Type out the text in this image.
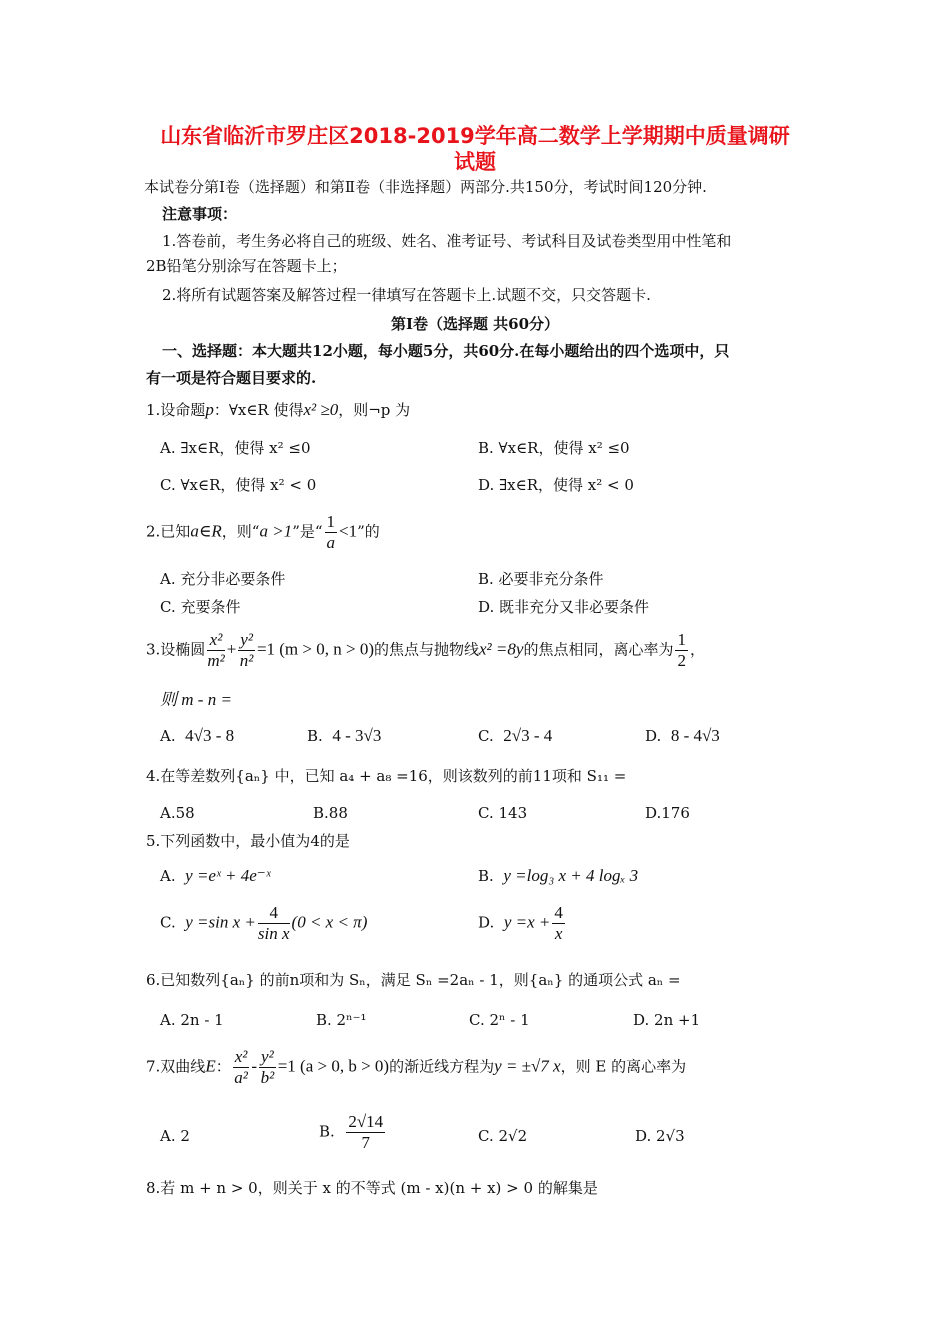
山东省临沂市罗庄区2018-2019学年高二数学上学期期中质量调研
试题
本试卷分第Ⅰ卷（选择题）和第Ⅱ卷（非选择题）两部分.共150分，考试时间120分钟.
注意事项：
1.答卷前，考生务必将自己的班级、姓名、准考证号、考试科目及试卷类型用中性笔和
2B铅笔分别涂写在答题卡上；
2.将所有试题答案及解答过程一律填写在答题卡上.试题不交，只交答题卡.
第Ⅰ卷（选择题 共60分）
一、选择题：本大题共12小题，每小题5分，共60分.在每小题给出的四个选项中，只
有一项是符合题目要求的.
1.设命题p：∀x∈R 使得x² ≥0，则¬p 为
A. ∃x∈R，使得 x² ≤0	B. ∀x∈R，使得 x² ≤0
C. ∀x∈R，使得 x² < 0	D. ∃x∈R，使得 x² < 0
2.已知a∈R，则“a >1”是“ $\frac{1}{a} <1$”的
A. 充分非必要条件	B. 必要非充分条件
C. 充要条件	D. 既非充分又非必要条件
3.设椭圆 $\frac{\text{x²}}{\text{m²}} + \frac{\text{y²}}{\text{n²}} =1$ (m > 0, n > 0)的焦点与抛物线x² =8y的焦点相同，离心率为 $\frac{1}{2}$ ，
则 m - n =
A. 4√3 - 8	B. 4 - 3√3	C. 2√3 - 4	D. 8 - 4√3
4.在等差数列{aₙ} 中，已知 a₄ + a₈ =16，则该数列的前11项和 S₁₁ =
A.58	B.88	C. 143	D.176
5.下列函数中，最小值为4的是
A. y =eˣ + 4e⁻ˣ	B. y =log₃ x + 4 logₓ 3
C. y =sin $x + \frac{4}{\text{sin x}} (0 < x < \pi)$	D. $y =x + \frac{4}{x}$
6.已知数列{aₙ} 的前n项和为 Sₙ，满足 Sₙ =2aₙ - 1，则{aₙ} 的通项公式 aₙ =
A. 2n - 1	B. 2ⁿ⁻¹	C. 2ⁿ - 1	D. 2n +1
7.双曲线E： $\frac{\text{x²}}{\text{a²}} - \frac{\text{y²}}{\text{b²}} =1$ (a > 0, b > 0)的渐近线方程为y = ±√7 x，则 E 的离心率为
A. 2	B. $\frac{2√14}{7}$	C. 2√2	D. 2√3
8.若 m + n > 0，则关于 x 的不等式 (m - x)(n + x) > 0 的解集是
